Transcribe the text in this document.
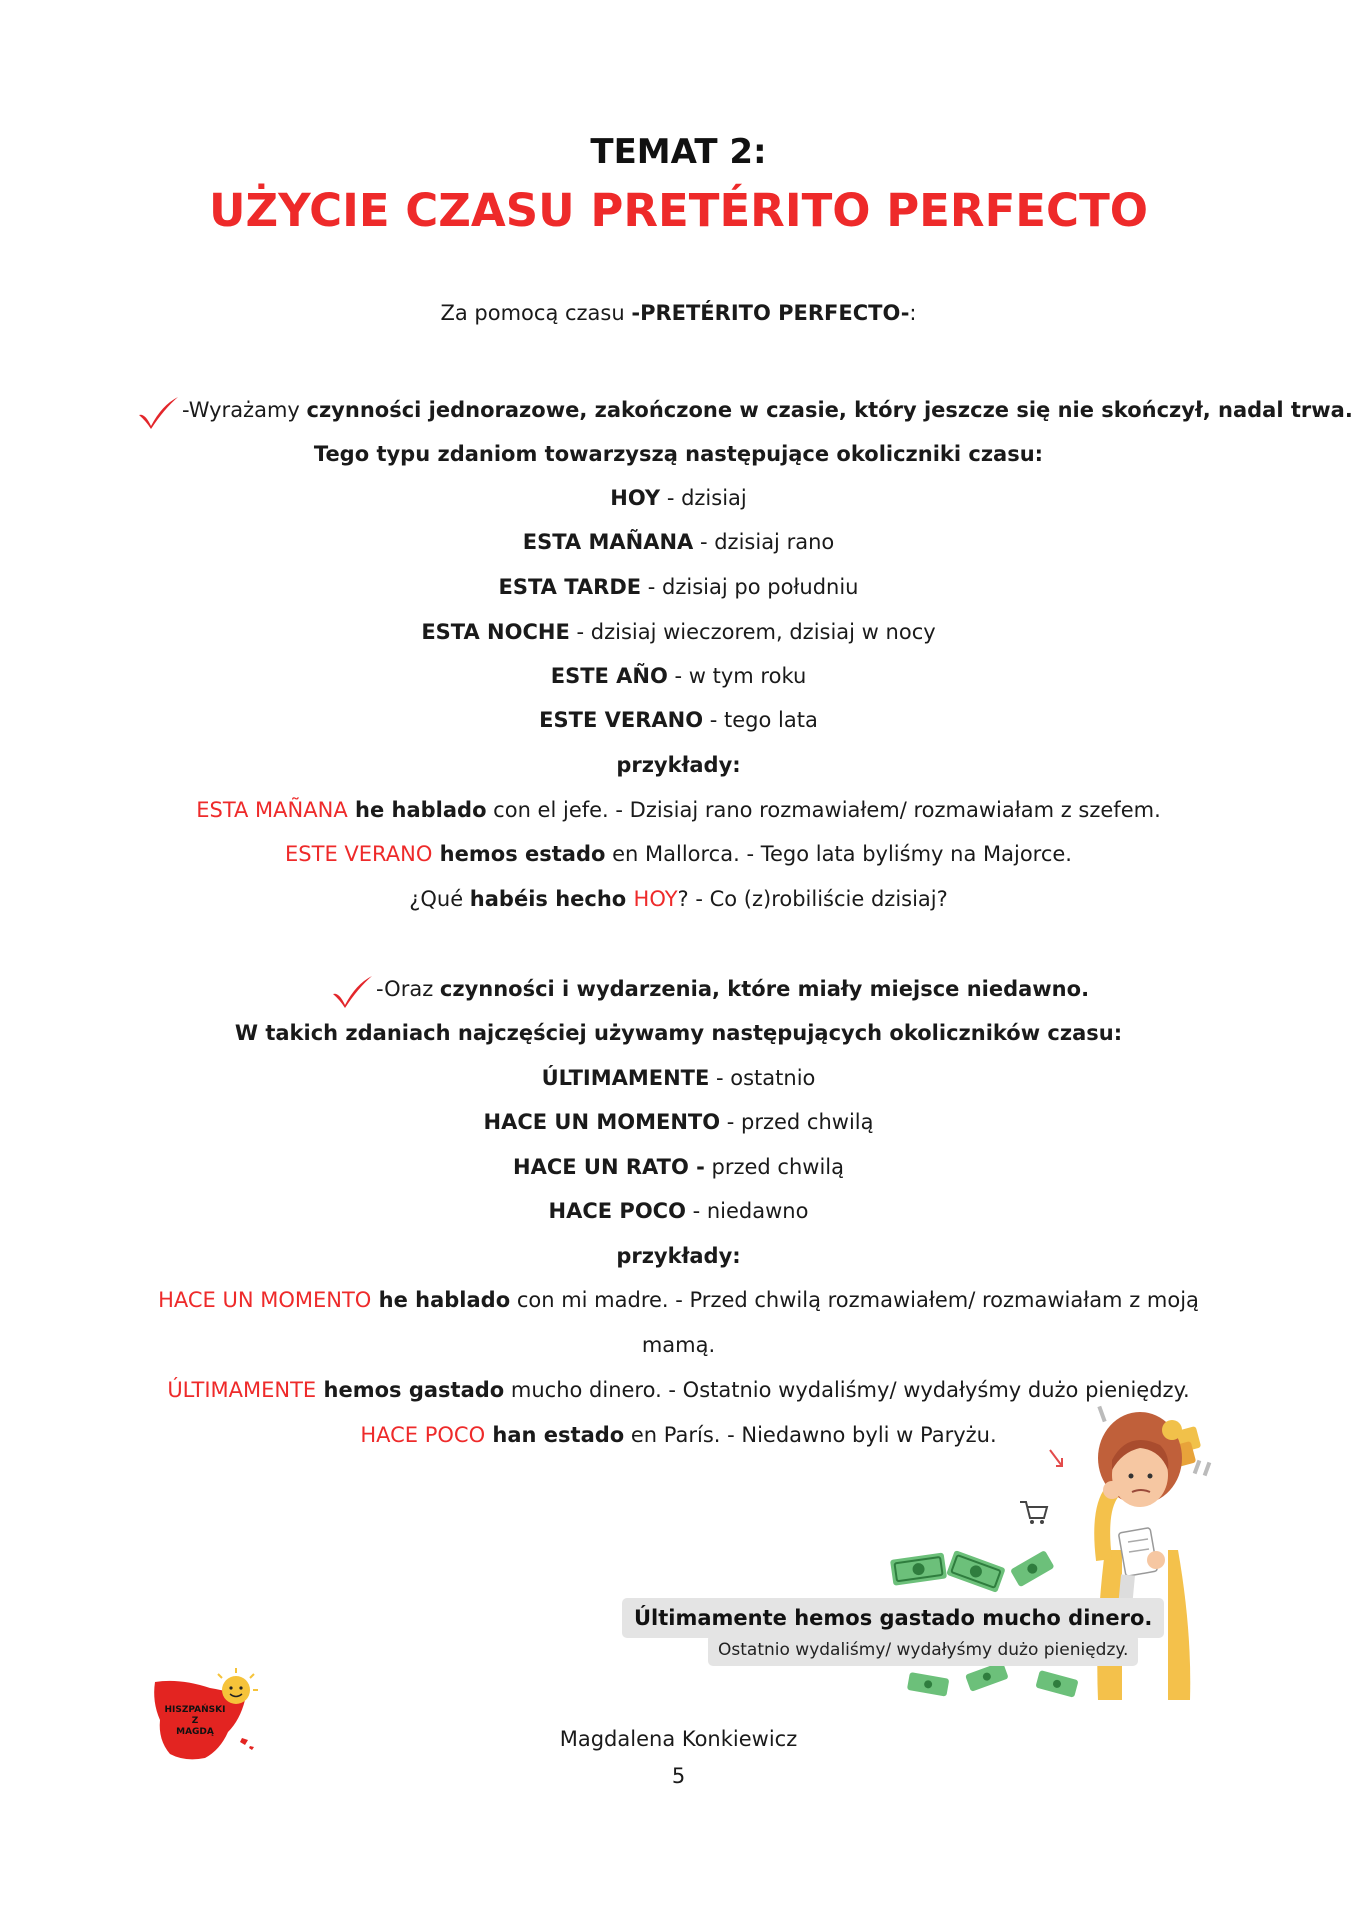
TEMAT 2:
UŻYCIE CZASU PRETÉRITO PERFECTO
Za pomocą czasu -PRETÉRITO PERFECTO-:
-Wyrażamy czynności jednorazowe, zakończone w czasie, który jeszcze się nie skończył, nadal trwa.
Tego typu zdaniom towarzyszą następujące okoliczniki czasu:
HOY - dzisiaj
ESTA MAÑANA - dzisiaj rano
ESTA TARDE - dzisiaj po południu
ESTA NOCHE - dzisiaj wieczorem, dzisiaj w nocy
ESTE AÑO - w tym roku
ESTE VERANO - tego lata
przykłady:
ESTA MAÑANA he hablado con el jefe. - Dzisiaj rano rozmawiałem/ rozmawiałam z szefem.
ESTE VERANO hemos estado en Mallorca. - Tego lata byliśmy na Majorce.
¿Qué habéis hecho HOY? - Co (z)robiliście dzisiaj?
-Oraz czynności i wydarzenia, które miały miejsce niedawno.
W takich zdaniach najczęściej używamy następujących okoliczników czasu:
ÚLTIMAMENTE - ostatnio
HACE UN MOMENTO - przed chwilą
HACE UN RATO - przed chwilą
HACE POCO - niedawno
przykłady:
HACE UN MOMENTO he hablado con mi madre. - Przed chwilą rozmawiałem/ rozmawiałam z moją
mamą.
ÚLTIMAMENTE hemos gastado mucho dinero. - Ostatnio wydaliśmy/ wydałyśmy dużo pieniędzy.
HACE POCO han estado en París. - Niedawno byli w Paryżu.
Últimamente hemos gastado mucho dinero.
Ostatnio wydaliśmy/ wydałyśmy dużo pieniędzy.
HISZPAŃSKI
Z
MAGDĄ	Magdalena Konkiewicz
5
